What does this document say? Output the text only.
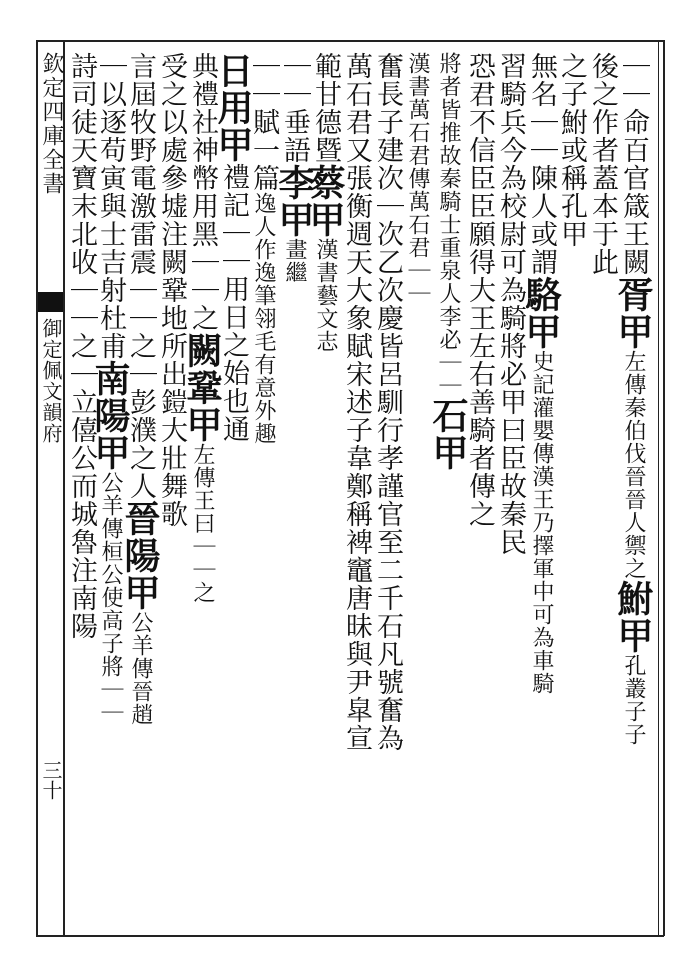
欽定四庫全書
御定佩文韻府
三十
｜｜命百官箴王闕胥甲左傳秦伯伐晉晉人禦之鮒甲孔叢子子
後之作者蓋本于此
之子鮒或稱孔甲
無名｜｜陳人或謂駱甲史記灌嬰傳漢王乃擇軍中可為車騎
習騎兵今為校尉可為騎將必甲曰臣故秦民
恐君不信臣臣願得大王左右善騎者傳之
將者皆推故秦騎士重泉人李必｜｜石甲
漢書萬石君傳萬石君｜｜
奮長子建次｜次乙次慶皆呂馴行孝謹官至二千石凡號奮為
萬石君又張衡週天大象賦宋述子韋鄭稱裨竈唐昧與尹皐宣
範甘德暨蔡甲漢書藝文志
｜｜垂語李甲畫繼
｜｜賦一篇逸人作逸筆翎毛有意外趣
日用甲禮記｜｜用日之始也通
典禮社神幣用黑｜｜之闕鞏甲左傳王曰｜｜之
受之以處參墟注闕鞏地所出鎧大壯舞歌
言屆牧野電激雷震｜｜之｜彭濮之人晉陽甲公羊傳晉趙
｜以逐苟寅與士吉射杜甫南陽甲公羊傳桓公使高子將｜｜
詩司徒天寶末北收｜｜之｜立僖公而城魯注南陽
